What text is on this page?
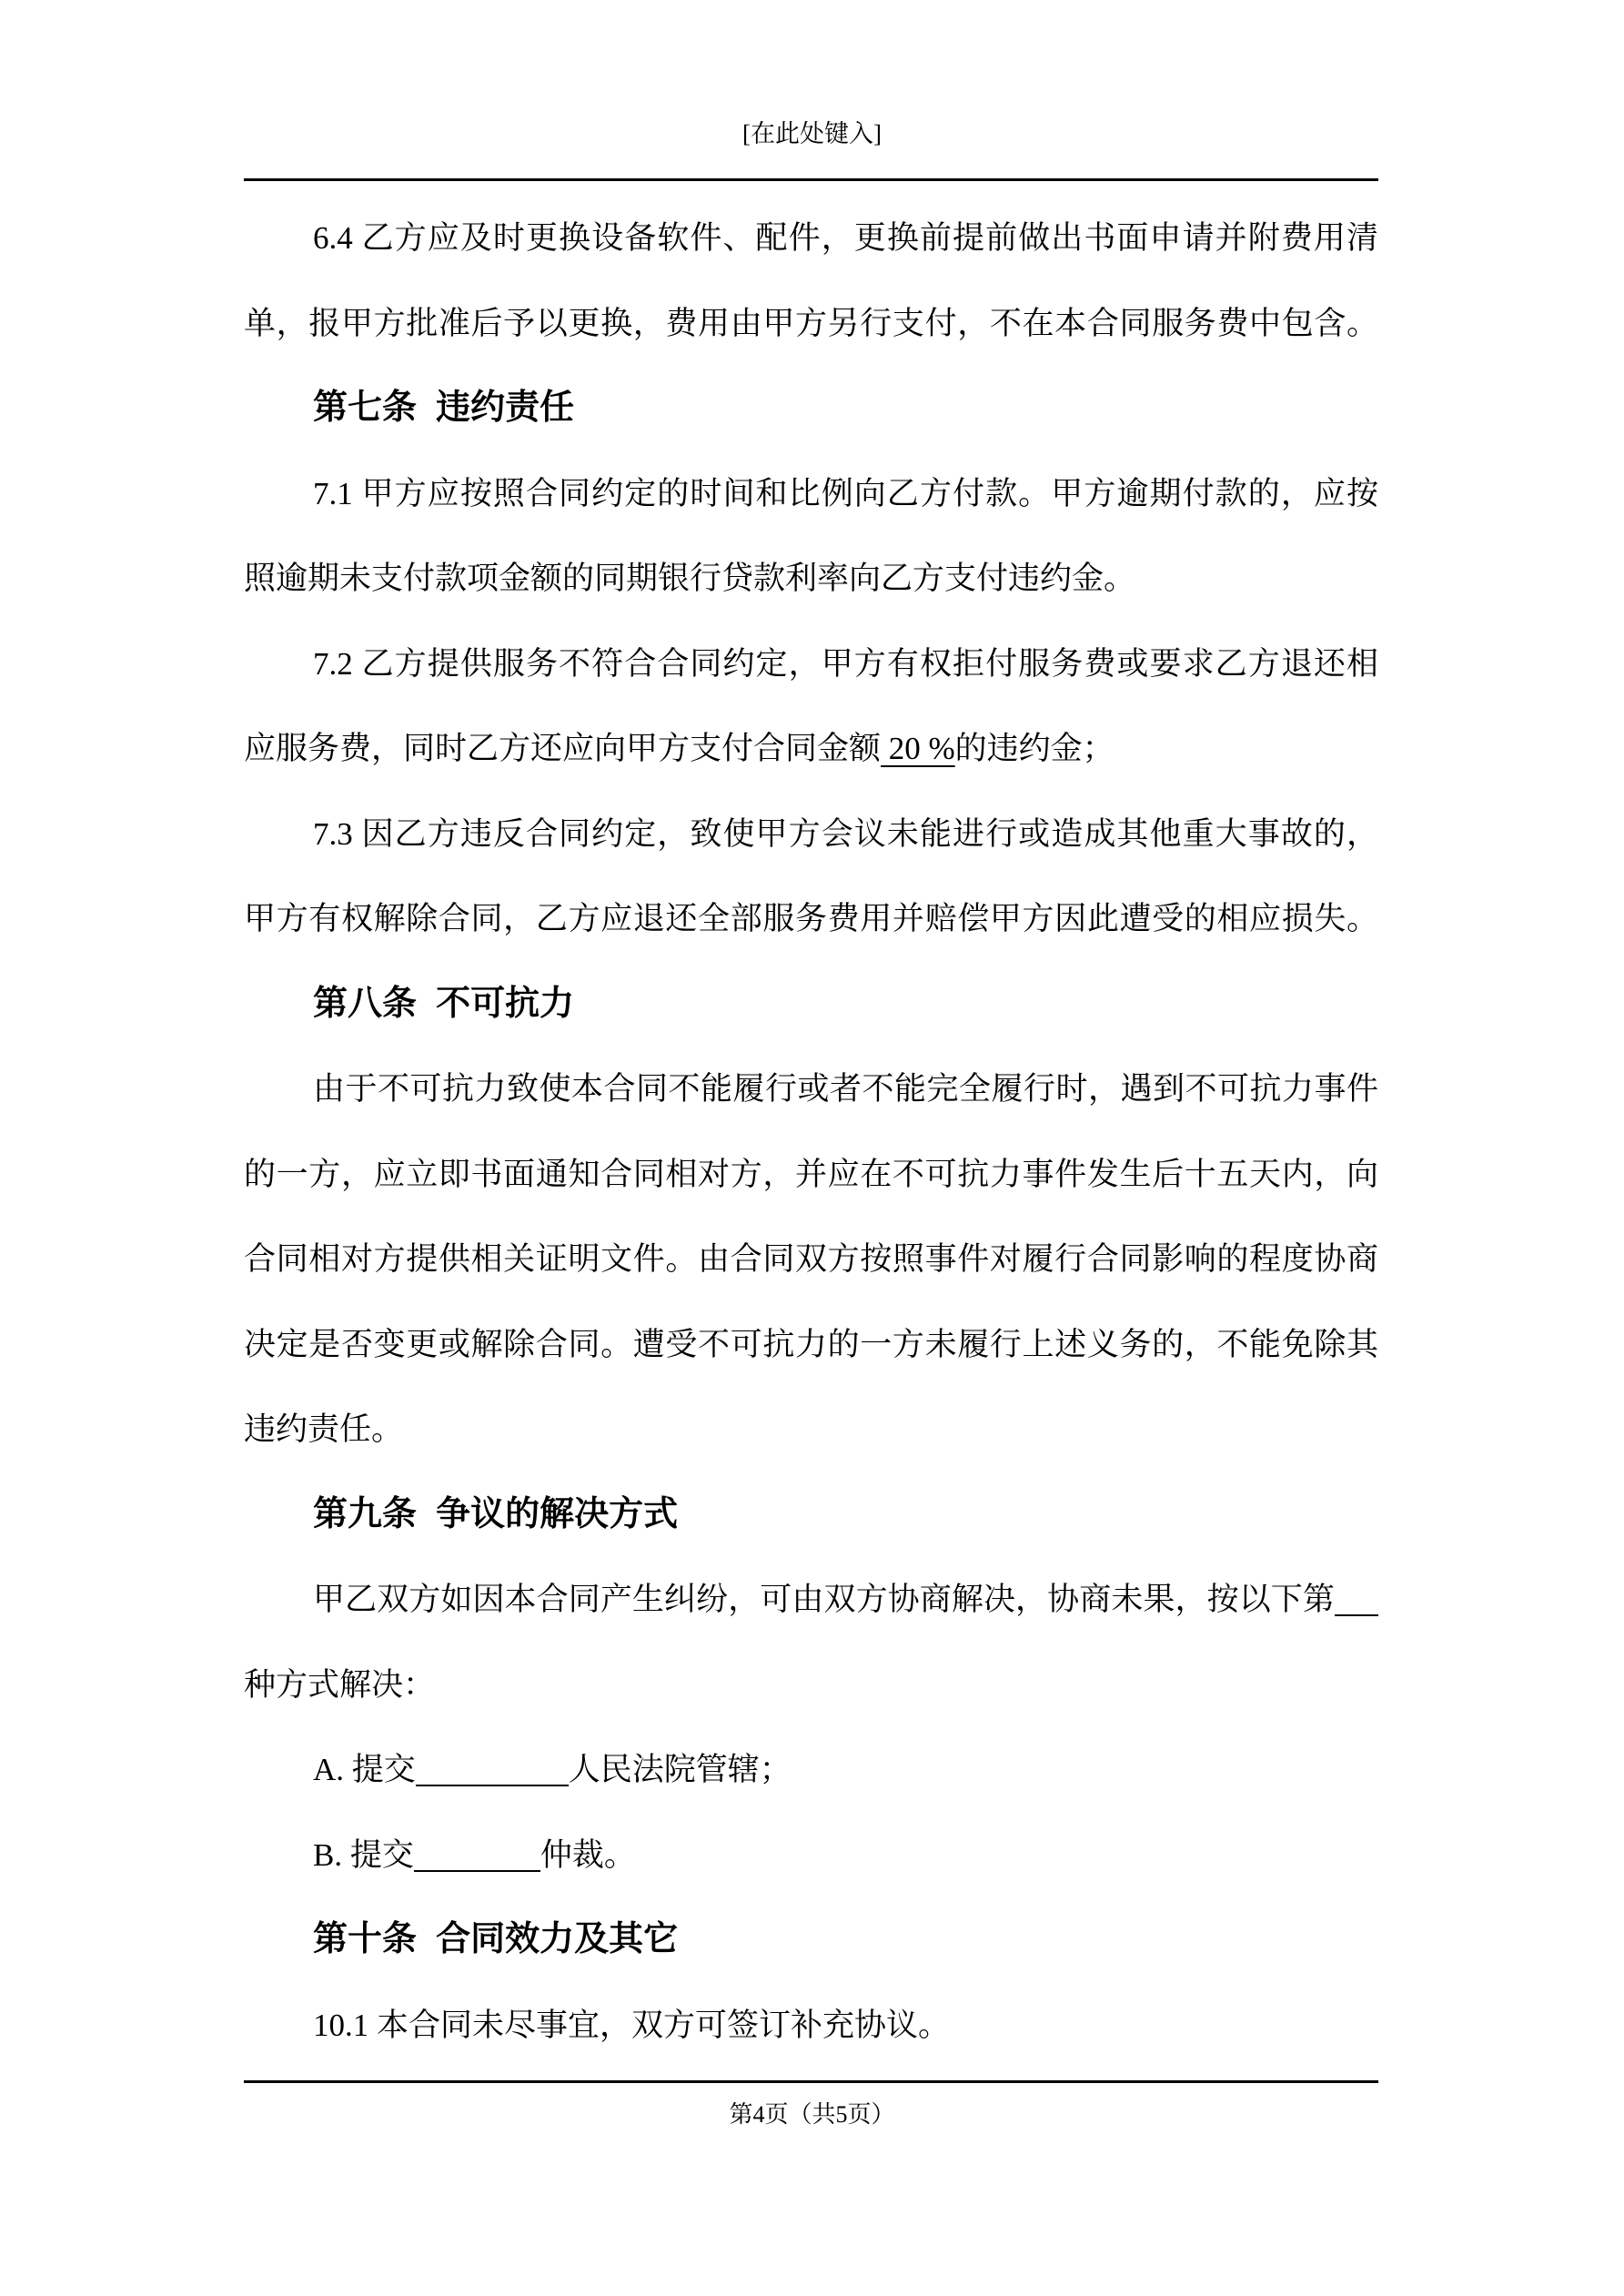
[在此处键入]
6.4 乙方应及时更换设备软件、配件，更换前提前做出书面申请并附费用清
单，报甲方批准后予以更换，费用由甲方另行支付，不在本合同服务费中包含。
第七条  违约责任
7.1 甲方应按照合同约定的时间和比例向乙方付款。甲方逾期付款的，应按
照逾期未支付款项金额的同期银行贷款利率向乙方支付违约金。
7.2 乙方提供服务不符合合同约定，甲方有权拒付服务费或要求乙方退还相
应服务费，同时乙方还应向甲方支付合同金额 20 %的违约金；
7.3 因乙方违反合同约定，致使甲方会议未能进行或造成其他重大事故的，
甲方有权解除合同，乙方应退还全部服务费用并赔偿甲方因此遭受的相应损失。
第八条  不可抗力
由于不可抗力致使本合同不能履行或者不能完全履行时，遇到不可抗力事件
的一方，应立即书面通知合同相对方，并应在不可抗力事件发生后十五天内，向
合同相对方提供相关证明文件。由合同双方按照事件对履行合同影响的程度协商
决定是否变更或解除合同。遭受不可抗力的一方未履行上述义务的，不能免除其
违约责任。
第九条  争议的解决方式
甲乙双方如因本合同产生纠纷，可由双方协商解决，协商未果，按以下第
种方式解决：
A. 提交	人民法院管辖；
B. 提交	仲裁。
第十条  合同效力及其它
10.1 本合同未尽事宜，双方可签订补充协议。
第4页（共5页）
